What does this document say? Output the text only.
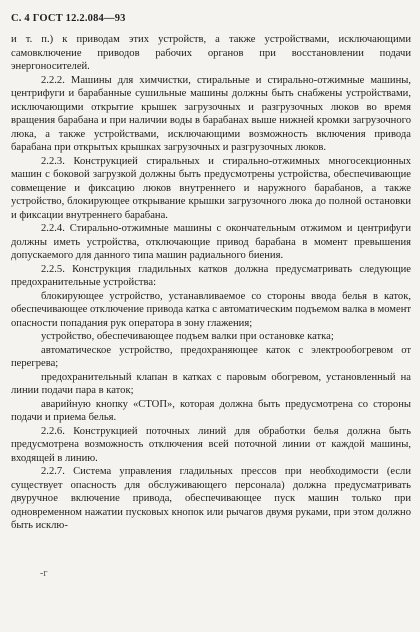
С. 4 ГОСТ 12.2.084—93

и т. п.) к приводам этих устройств, а также устройствами, исключающими самовключение приводов рабочих органов при восстановлении подачи энергоносителей.

2.2.2. Машины для химчистки, стиральные и стирально-отжимные машины, центрифуги и барабанные сушильные машины должны быть снабжены устройствами, исключающими открытие крышек загрузочных и разгрузочных люков во время вращения барабана и при наличии воды в барабанах выше нижней кромки загрузочного люка, а также устройствами, исключающими возможность включения привода барабана при открытых крышках загрузочных и разгрузочных люков.

2.2.3. Конструкцией стиральных и стирально-отжимных многосекционных машин с боковой загрузкой должны быть предусмотрены устройства, обеспечивающие совмещение и фиксацию люков внутреннего и наружного барабанов, а также устройство, блокирующее открывание крышки загрузочного люка до полной остановки и фиксации внутреннего барабана.

2.2.4. Стирально-отжимные машины с окончательным отжимом и центрифуги должны иметь устройства, отключающие привод барабана в момент превышения допускаемого для данного типа машин радиального биения.

2.2.5. Конструкция гладильных катков должна предусматривать следующие предохранительные устройства:

блокирующее устройство, устанавливаемое со стороны ввода белья в каток, обеспечивающее отключение привода катка с автоматическим подъемом валка в момент опасности попадания рук оператора в зону глажения;

устройство, обеспечивающее подъем валки при остановке катка;

автоматическое устройство, предохраняющее каток с электрообогревом от перегрева;

предохранительный клапан в катках с паровым обогревом, установленный на линии подачи пара в каток;

аварийную кнопку «СТОП», которая должна быть предусмотрена со стороны подачи и приема белья.

2.2.6. Конструкцией поточных линий для обработки белья должна быть предусмотрена возможность отключения всей поточной линии от каждой машины, входящей в линию.

2.2.7. Система управления гладильных прессов при необходимости (если существует опасность для обслуживающего персонала) должна предусматривать двуручное включение привода, обеспечивающее пуск машин только при одновременном нажатии пусковых кнопок или рычагов двумя руками, при этом должно быть исклю-

-г
